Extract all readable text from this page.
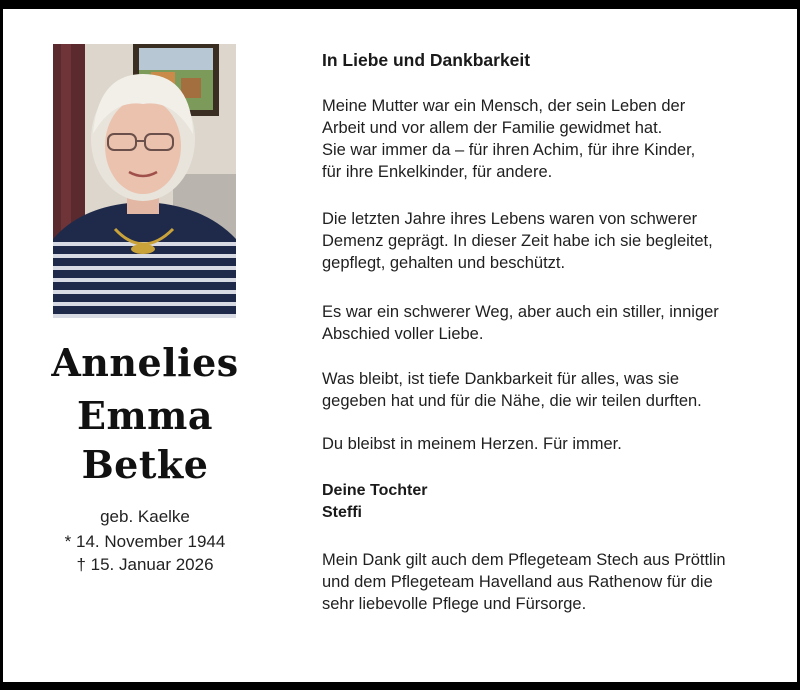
Annelies
Emma
Betke
geb. Kaelke
* 14. November 1944
† 15. Januar 2026
In Liebe und Dankbarkeit
Meine Mutter war ein Mensch, der sein Leben der
Arbeit und vor allem der Familie gewidmet hat.
Sie war immer da – für ihren Achim, für ihre Kinder,
für ihre Enkelkinder, für andere.
Die letzten Jahre ihres Lebens waren von schwerer
Demenz geprägt. In dieser Zeit habe ich sie begleitet,
gepflegt, gehalten und beschützt.
Es war ein schwerer Weg, aber auch ein stiller, inniger
Abschied voller Liebe.
Was bleibt, ist tiefe Dankbarkeit für alles, was sie
gegeben hat und für die Nähe, die wir teilen durften.
Du bleibst in meinem Herzen. Für immer.
Deine Tochter
Steffi
Mein Dank gilt auch dem Pflegeteam Stech aus Pröttlin
und dem Pflegeteam Havelland aus Rathenow für die
sehr liebevolle Pflege und Fürsorge.
